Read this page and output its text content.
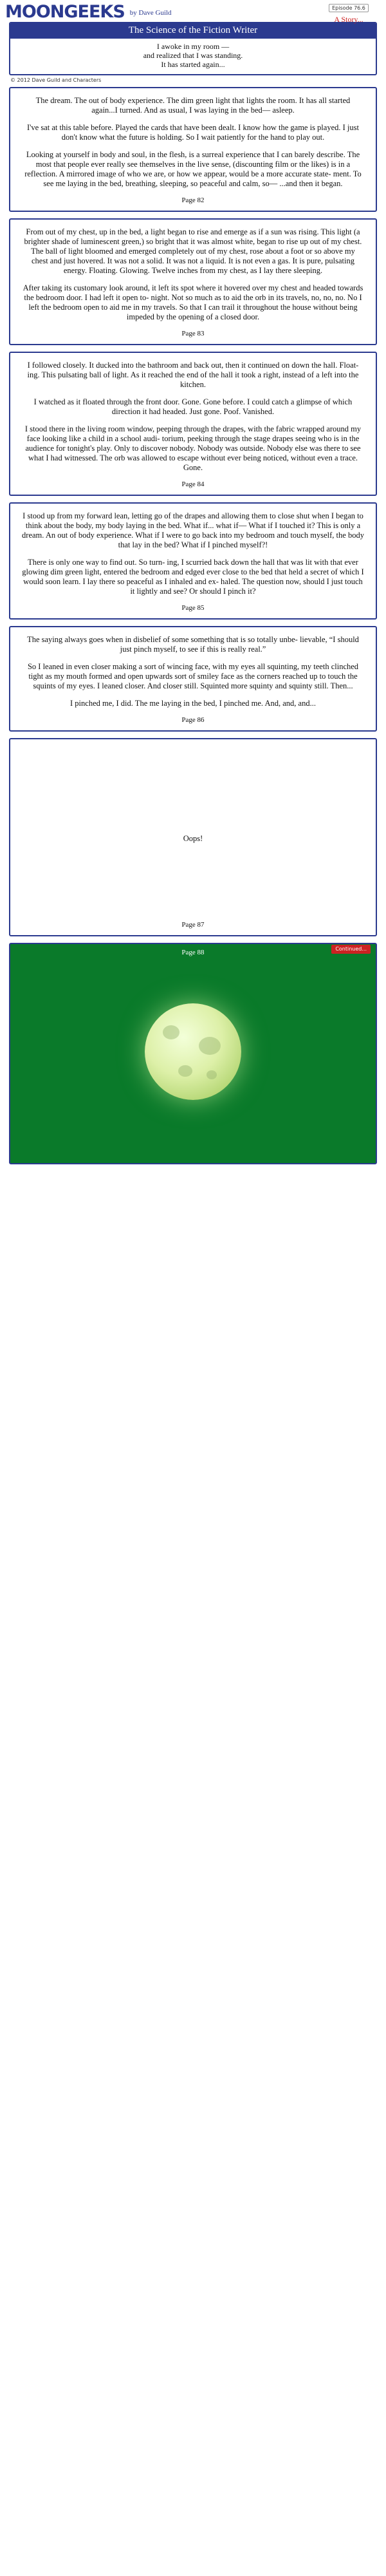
MOONGEEKS by Dave Guild
Episode 76.6
A Story...
The Science of the Fiction Writer
I awoke in my room —
and realized that I was standing.
It has started again...
© 2012 Dave Guild and Characters

The dream. The out of body experience. The dim green light that lights the room. It has all started again...I turned. And as usual, I was laying in the bed— asleep.

I've sat at this table before. Played the cards that have been dealt. I know how the game is played. I just don't know what the future is holding. So I wait patiently for the hand to play out.

Looking at yourself in body and soul, in the flesh, is a surreal experience that I can barely describe. The most that people ever really see themselves in the live sense, (discounting film or the likes) is in a reflection. A mirrored image of who we are, or how we appear, would be a more accurate state- ment. To see me laying in the bed, breathing, sleeping, so peaceful and calm, so— ...and then it began.

Page 82

From out of my chest, up in the bed, a light began to rise and emerge as if a sun was rising. This light (a brighter shade of luminescent green,) so bright that it was almost white, began to rise up out of my chest. The ball of light bloomed and emerged completely out of my chest, rose about a foot or so above my chest and just hovered. It was not a solid. It was not a liquid. It is not even a gas. It is pure, pulsating energy. Floating. Glowing. Twelve inches from my chest, as I lay there sleeping.

After taking its customary look around, it left its spot where it hovered over my chest and headed towards the bedroom door. I had left it open to- night. Not so much as to aid the orb in its travels, no, no, no. No I left the bedroom open to aid me in my travels. So that I can trail it throughout the house without being impeded by the opening of a closed door.

Page 83

I followed closely. It ducked into the bathroom and back out, then it continued on down the hall. Float- ing. This pulsating ball of light. As it reached the end of the hall it took a right, instead of a left into the kitchen.

I watched as it floated through the front door. Gone. Gone before. I could catch a glimpse of which direction it had headed. Just gone. Poof. Vanished.

I stood there in the living room window, peeping through the drapes, with the fabric wrapped around my face looking like a child in a school audi- torium, peeking through the stage drapes seeing who is in the audience for tonight's play. Only to discover nobody. Nobody was outside. Nobody else was there to see what I had witnessed. The orb was allowed to escape without ever being noticed, without even a trace. Gone.

Page 84

I stood up from my forward lean, letting go of the drapes and allowing them to close shut when I began to think about the body, my body laying in the bed. What if... what if— What if I touched it? This is only a dream. An out of body experience. What if I were to go back into my bedroom and touch myself, the body that lay in the bed? What if I pinched myself?!

There is only one way to find out. So turn- ing, I scurried back down the hall that was lit with that ever glowing dim green light, entered the bedroom and edged ever close to the bed that held a secret of which I would soon learn. I lay there so peaceful as I inhaled and ex- haled. The question now, should I just touch it lightly and see? Or should I pinch it?

Page 85

The saying always goes when in disbelief of some something that is so totally unbe- lievable, “I should just pinch myself, to see if this is really real.”

So I leaned in even closer making a sort of wincing face, with my eyes all squinting, my teeth clinched tight as my mouth formed and open upwards sort of smiley face as the corners reached up to touch the squints of my eyes. I leaned closer. And closer still. Squinted more squinty and squinty still. Then...

I pinched me, I did. The me laying in the bed, I pinched me. And, and, and...

Page 86
Oops!
Page 87
Page 88	Continued...
